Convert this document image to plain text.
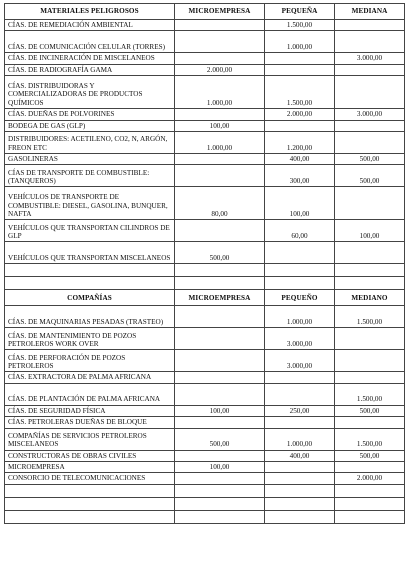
MATERIALES PELIGROSOS	MICROEMPRESA	PEQUEÑA	MEDIANA
CÍAS. DE REMEDIACIÓN AMBIENTAL		1.500,00	
CÍAS. DE COMUNICACIÓN CELULAR (TORRES)		1.000,00	
CÍAS. DE INCINERACIÓN DE MISCELANEOS			3.000,00
CÍAS. DE RADIOGRAFÍA GAMA	2.000,00		
CÍAS. DISTRIBUIDORAS Y COMERCIALIZADORAS DE PRODUCTOS QUÍMICOS	1.000,00	1.500,00	
CÍAS. DUEÑAS DE POLVORINES		2.000,00	3.000,00
BODEGA DE GAS (GLP)	100,00		
DISTRIBUIDORES: ACETILENO, CO2, N, ARGÓN, FREON ETC	1.000,00	1.200,00	
GASOLINERAS		400,00	500,00
CÍAS DE TRANSPORTE DE COMBUSTIBLE: (TANQUEROS)		300,00	500,00
VEHÍCULOS DE TRANSPORTE DE COMBUSTIBLE: DIESEL, GASOLINA, BUNQUER, NAFTA	80,00	100,00	
VEHÍCULOS QUE TRANSPORTAN CILINDROS DE GLP		60,00	100,00
VEHÍCULOS QUE TRANSPORTAN MISCELANEOS	500,00		

COMPAÑÍAS	MICROEMPRESA	PEQUEÑO	MEDIANO
CÍAS. DE MAQUINARIAS PESADAS (TRASTEO)		1.000,00	1.500,00
CÍAS. DE MANTENIMIENTO DE POZOS PETROLEROS WORK OVER		3.000,00	
CÍAS. DE PERFORACIÓN DE POZOS PETROLEROS		3.000,00	
CÍAS. EXTRACTORA DE PALMA AFRICANA			
CÍAS. DE PLANTACIÓN DE PALMA AFRICANA			1.500,00
CÍAS. DE SEGURIDAD FÍSICA	100,00	250,00	500,00
CÍAS. PETROLERAS DUEÑAS DE BLOQUE			
COMPAÑÍAS DE SERVICIOS PETROLEROS MISCELANEOS	500,00	1.000,00	1.500,00
CONSTRUCTORAS DE OBRAS CIVILES		400,00	500,00
MICROEMPRESA	100,00		
CONSORCIO DE TELECOMUNICACIONES			2.000,00
